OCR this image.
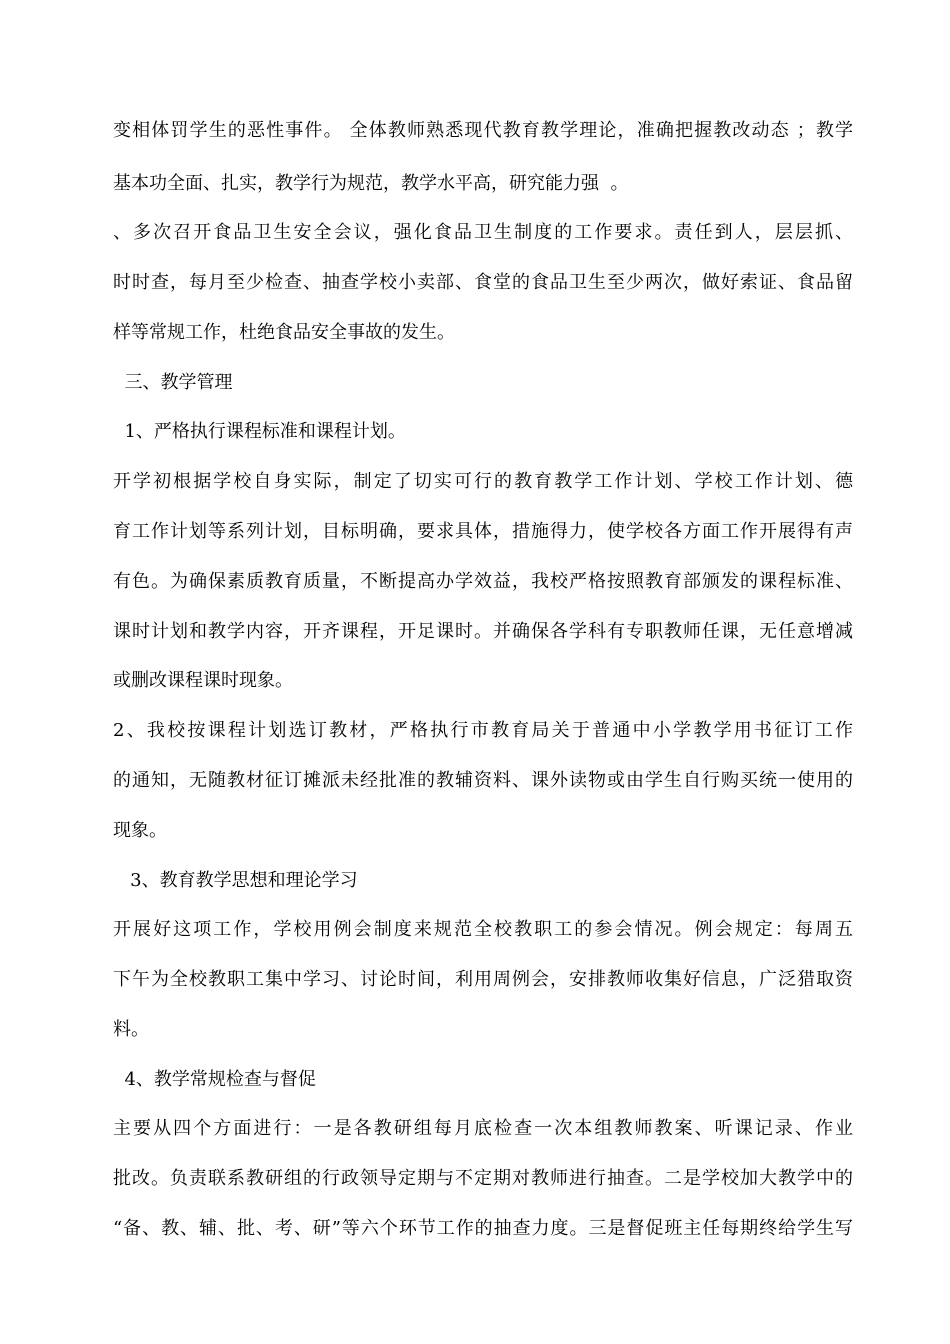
变相体罚学生的恶性事件。 全体教师熟悉现代教育教学理论，准确把握教改动态 ；教学
基本功全面、扎实，教学行为规范，教学水平高，研究能力强  。
、多次召开食品卫生安全会议，强化食品卫生制度的工作要求。责任到人，层层抓、
时时查，每月至少检查、抽查学校小卖部、食堂的食品卫生至少两次，做好索证、食品留
样等常规工作，杜绝食品安全事故的发生。
三、教学管理
1、严格执行课程标准和课程计划。
开学初根据学校自身实际，制定了切实可行的教育教学工作计划、学校工作计划、德
育工作计划等系列计划，目标明确，要求具体，措施得力，使学校各方面工作开展得有声
有色。为确保素质教育质量，不断提高办学效益，我校严格按照教育部颁发的课程标准、
课时计划和教学内容，开齐课程，开足课时。并确保各学科有专职教师任课，无任意增减
或删改课程课时现象。
2、我校按课程计划选订教材，严格执行市教育局关于普通中小学教学用书征订工作
的通知，无随教材征订摊派未经批准的教辅资料、课外读物或由学生自行购买统一使用的
现象。
3、教育教学思想和理论学习
开展好这项工作，学校用例会制度来规范全校教职工的参会情况。例会规定：每周五
下午为全校教职工集中学习、讨论时间，利用周例会，安排教师收集好信息，广泛猎取资
料。
4、教学常规检查与督促
主要从四个方面进行：一是各教研组每月底检查一次本组教师教案、听课记录、作业
批改。负责联系教研组的行政领导定期与不定期对教师进行抽查。二是学校加大教学中的
“备、教、辅、批、考、研”等六个环节工作的抽查力度。三是督促班主任每期终给学生写
